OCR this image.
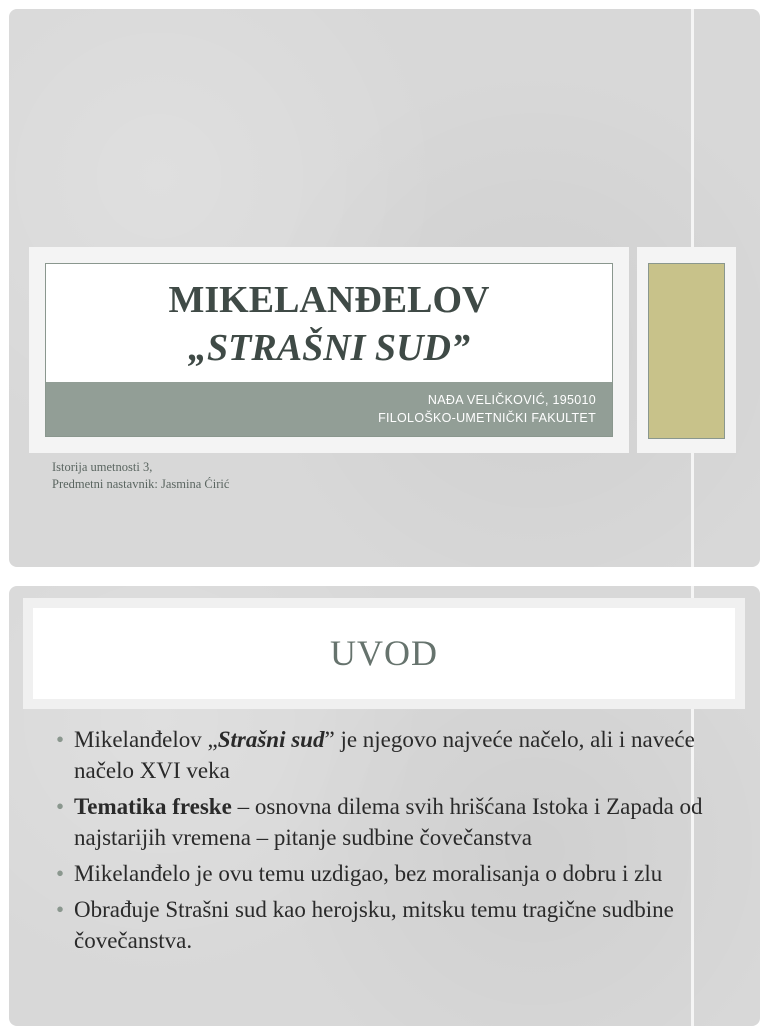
MIKELANĐELOV
„STRAŠNI SUD”
NAĐA VELIČKOVIĆ, 195010
FILOLOŠKO-UMETNIČKI FAKULTET
Istorija umetnosti 3,
Predmetni nastavnik: Jasmina Ćirić
UVOD
• Mikelanđelov „Strašni sud” je njegovo najveće načelo, ali i naveće načelo XVI veka
• Tematika freske – osnovna dilema svih hrišćana Istoka i Zapada od najstarijih vremena – pitanje sudbine čovečanstva
• Mikelanđelo je ovu temu uzdigao, bez moralisanja o dobru i zlu
• Obrađuje Strašni sud kao herojsku, mitsku temu tragične sudbine čovečanstva.
